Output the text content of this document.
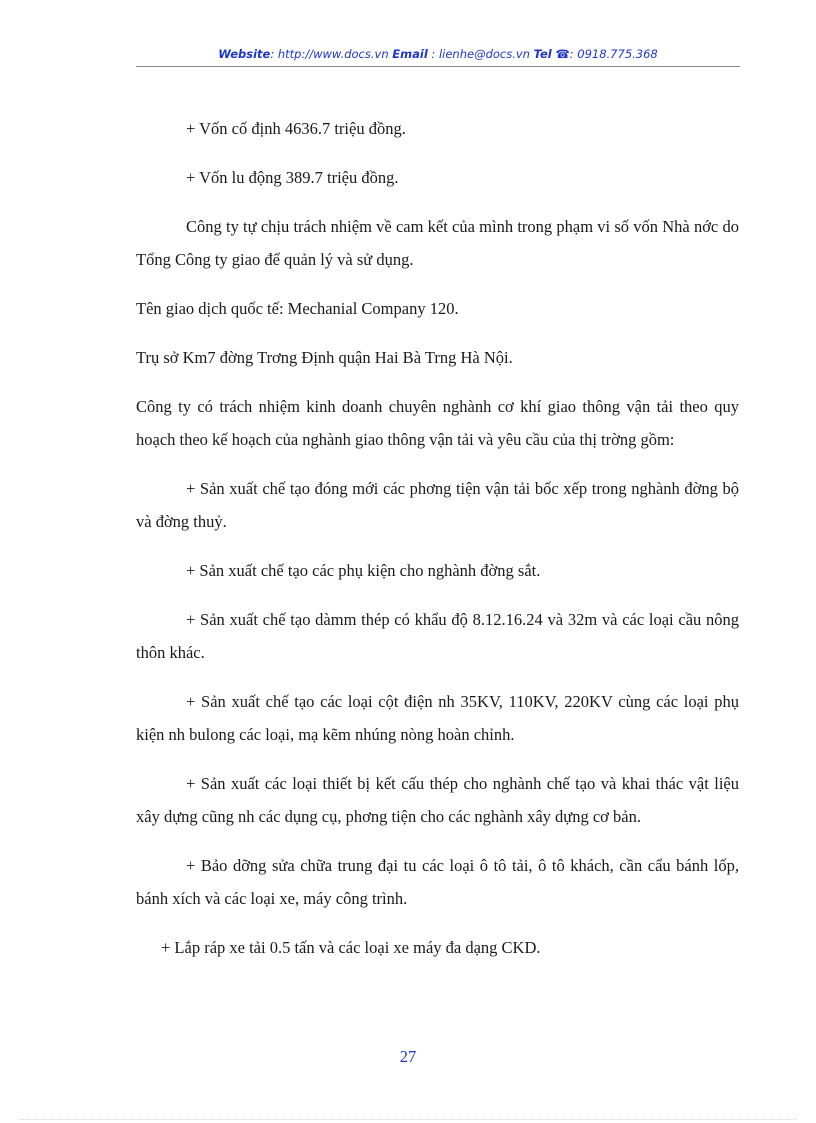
Website: http://www.docs.vn Email : lienhe@docs.vn Tel ☎: 0918.775.368

+ Vốn cố định 4636.7 triệu đồng.

+ Vốn lu động 389.7 triệu đồng.

Công ty tự chịu trách nhiệm về cam kết của mình trong phạm vi số vốn Nhà nớc do Tổng Công ty giao để quản lý và sử dụng.

Tên giao dịch quốc tế: Mechanial Company 120.

Trụ sở Km7 đờng Trơng Định quận Hai Bà Trng Hà Nội.

Công ty có trách nhiệm kinh doanh chuyên nghành cơ khí giao thông vận tải theo quy hoạch theo kế hoạch của nghành giao thông vận tải và yêu cầu của thị trờng gồm:

+ Sản xuất chế tạo đóng mới các phơng tiện vận tải bốc xếp trong nghành đờng bộ và đờng thuỷ.

+ Sản xuất chế tạo các phụ kiện cho nghành đờng sắt.

+ Sản xuất chế tạo dàmm thép có khẩu độ 8.12.16.24 và 32m và các loại cầu nông thôn khác.

+ Sản xuất chế tạo các loại cột điện nh 35KV, 110KV, 220KV cùng các loại phụ kiện nh bulong các loại, mạ kẽm nhúng nòng hoàn chỉnh.

+ Sản xuất các loại thiết bị kết cấu thép cho nghành chế tạo và khai thác vật liệu xây dựng cũng nh các dụng cụ, phơng tiện cho các nghành xây dựng cơ bản.

+ Bảo dỡng sửa chữa trung đại tu các loại ô tô tải, ô tô khách, cần cẩu bánh lốp, bánh xích và các loại xe, máy công trình.

+ Lắp ráp xe tải 0.5 tấn và các loại xe máy đa dạng CKD.

27
